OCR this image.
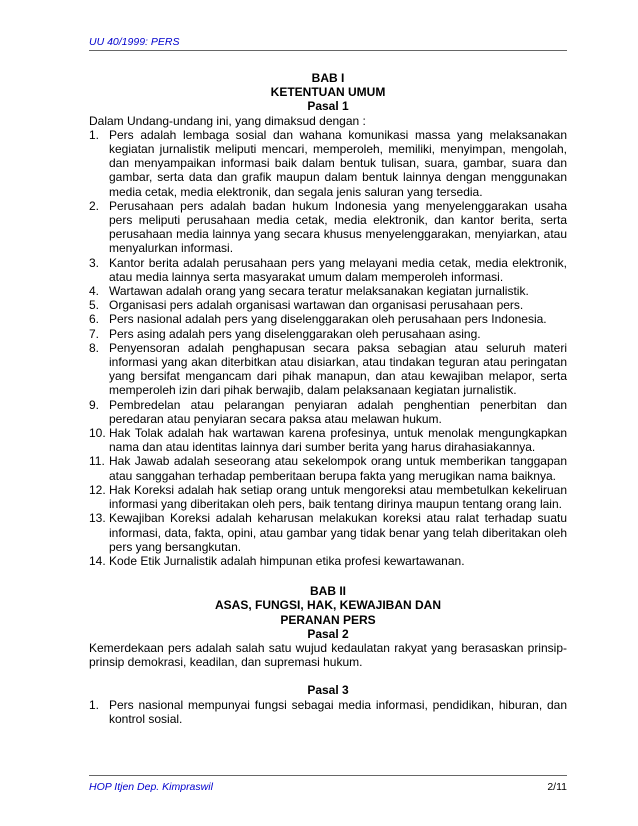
UU 40/1999: PERS

BAB I

KETENTUAN UMUM

Pasal 1

Dalam Undang-undang ini, yang dimaksud dengan :

1. Pers adalah lembaga sosial dan wahana komunikasi massa yang melaksanakan kegiatan jurnalistik meliputi mencari, memperoleh, memiliki, menyimpan, mengolah, dan menyampaikan informasi baik dalam bentuk tulisan, suara, gambar, suara dan gambar, serta data dan grafik maupun dalam bentuk lainnya dengan menggunakan media cetak, media elektronik, dan segala jenis saluran yang tersedia.
2. Perusahaan pers adalah badan hukum Indonesia yang menyelenggarakan usaha pers meliputi perusahaan media cetak, media elektronik, dan kantor berita, serta perusahaan media lainnya yang secara khusus menyelenggarakan, menyiarkan, atau menyalurkan informasi.
3. Kantor berita adalah perusahaan pers yang melayani media cetak, media elektronik, atau media lainnya serta masyarakat umum dalam memperoleh informasi.
4. Wartawan adalah orang yang secara teratur melaksanakan kegiatan jurnalistik.
5. Organisasi pers adalah organisasi wartawan dan organisasi perusahaan pers.
6. Pers nasional adalah pers yang diselenggarakan oleh perusahaan pers Indonesia.
7. Pers asing adalah pers yang diselenggarakan oleh perusahaan asing.
8. Penyensoran adalah penghapusan secara paksa sebagian atau seluruh materi informasi yang akan diterbitkan atau disiarkan, atau tindakan teguran atau peringatan yang bersifat mengancam dari pihak manapun, dan atau kewajiban melapor, serta memperoleh izin dari pihak berwajib, dalam pelaksanaan kegiatan jurnalistik.
9. Pembredelan atau pelarangan penyiaran adalah penghentian penerbitan dan peredaran atau penyiaran secara paksa atau melawan hukum.
10. Hak Tolak adalah hak wartawan karena profesinya, untuk menolak mengungkapkan nama dan atau identitas lainnya dari sumber berita yang harus dirahasiakannya.
11. Hak Jawab adalah seseorang atau sekelompok orang untuk memberikan tanggapan atau sanggahan terhadap pemberitaan berupa fakta yang merugikan nama baiknya.
12. Hak Koreksi adalah hak setiap orang untuk mengoreksi atau membetulkan kekeliruan informasi yang diberitakan oleh pers, baik tentang dirinya maupun tentang orang lain.
13. Kewajiban Koreksi adalah keharusan melakukan koreksi atau ralat terhadap suatu informasi, data, fakta, opini, atau gambar yang tidak benar yang telah diberitakan oleh pers yang bersangkutan.
14. Kode Etik Jurnalistik adalah himpunan etika profesi kewartawanan.

BAB II

ASAS, FUNGSI, HAK, KEWAJIBAN DAN

PERANAN PERS

Pasal 2

Kemerdekaan pers adalah salah satu wujud kedaulatan rakyat yang berasaskan prinsip-prinsip demokrasi, keadilan, dan supremasi hukum.

Pasal 3

1. Pers nasional mempunyai fungsi sebagai media informasi, pendidikan, hiburan, dan kontrol sosial.
HOP Itjen Dep. Kimpraswil	2/11
